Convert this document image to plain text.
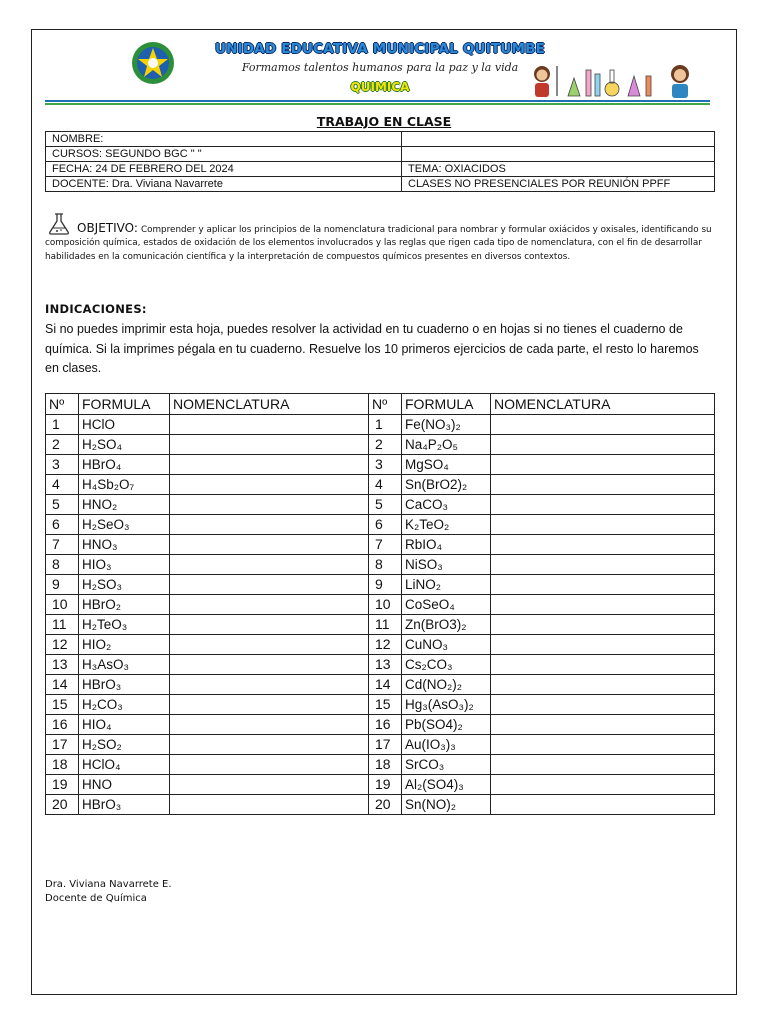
UNIDAD EDUCATIVA MUNICIPAL QUITUMBE
Formamos talentos humanos para la paz y la vida
QUIMICA
TRABAJO EN CLASE
NOMBRE:	
CURSOS: SEGUNDO BGC " "	
FECHA: 24 DE FEBRERO DEL 2024	TEMA: OXIACIDOS
DOCENTE: Dra. Viviana Navarrete	CLASES NO PRESENCIALES POR REUNIÓN PPFF
OBJETIVO: Comprender y aplicar los principios de la nomenclatura tradicional para nombrar y formular oxiácidos y oxisales, identificando su composición química, estados de oxidación de los elementos involucrados y las reglas que rigen cada tipo de nomenclatura, con el fin de desarrollar habilidades en la comunicación científica y la interpretación de compuestos químicos presentes en diversos contextos.
INDICACIONES:
Si no puedes imprimir esta hoja, puedes resolver la actividad en tu cuaderno o en hojas si no tienes el cuaderno de química. Si la imprimes pégala en tu cuaderno. Resuelve los 10 primeros ejercicios de cada parte, el resto lo haremos en clases.
Nº	FORMULA	NOMENCLATURA	Nº	FORMULA	NOMENCLATURA
1	HClO		1	Fe(NO₃)₂	
2	H₂SO₄		2	Na₄P₂O₅	
3	HBrO₄		3	MgSO₄	
4	H₄Sb₂O₇		4	Sn(BrO2)₂	
5	HNO₂		5	CaCO₃	
6	H₂SeO₃		6	K₂TeO₂	
7	HNO₃		7	RbIO₄	
8	HIO₃		8	NiSO₃	
9	H₂SO₃		9	LiNO₂	
10	HBrO₂		10	CoSeO₄	
11	H₂TeO₃		11	Zn(BrO3)₂	
12	HIO₂		12	CuNO₃	
13	H₃AsO₃		13	Cs₂CO₃	
14	HBrO₃		14	Cd(NO₂)₂	
15	H₂CO₃		15	Hg₃(AsO₃)₂	
16	HIO₄		16	Pb(SO4)₂	
17	H₂SO₂		17	Au(IO₃)₃	
18	HClO₄		18	SrCO₃	
19	HNO		19	Al₂(SO4)₃	
20	HBrO₃		20	Sn(NO)₂	
Dra. Viviana Navarrete E.
Docente de Química
